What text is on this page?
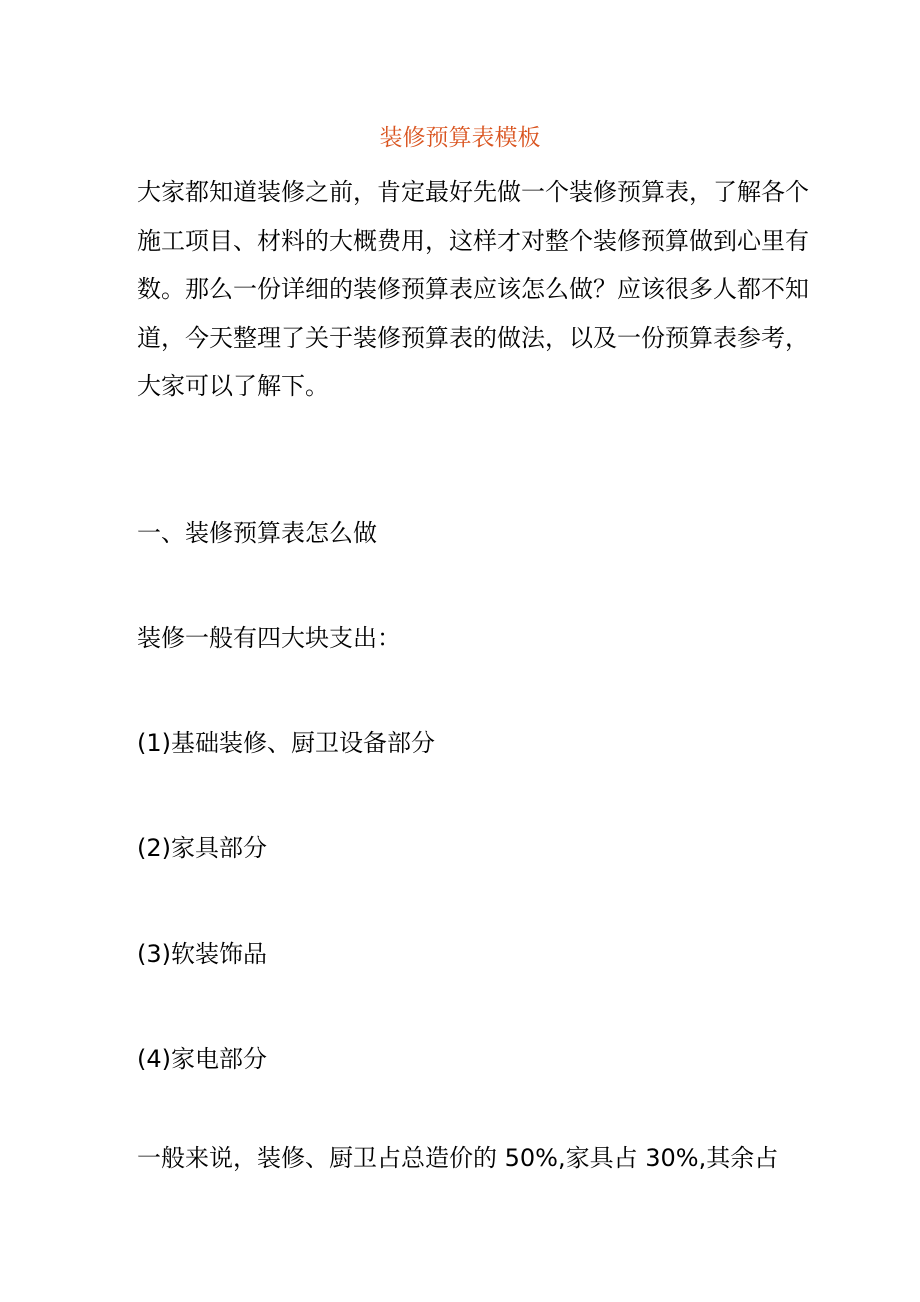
装修预算表模板
大家都知道装修之前，肯定最好先做一个装修预算表，了解各个
施工项目、材料的大概费用，这样才对整个装修预算做到心里有
数。那么一份详细的装修预算表应该怎么做？应该很多人都不知
道，今天整理了关于装修预算表的做法，以及一份预算表参考，
大家可以了解下。
一、装修预算表怎么做
装修一般有四大块支出：
(1)基础装修、厨卫设备部分
(2)家具部分
(3)软装饰品
(4)家电部分
一般来说，装修、厨卫占总造价的 50%,家具占 30%,其余占
